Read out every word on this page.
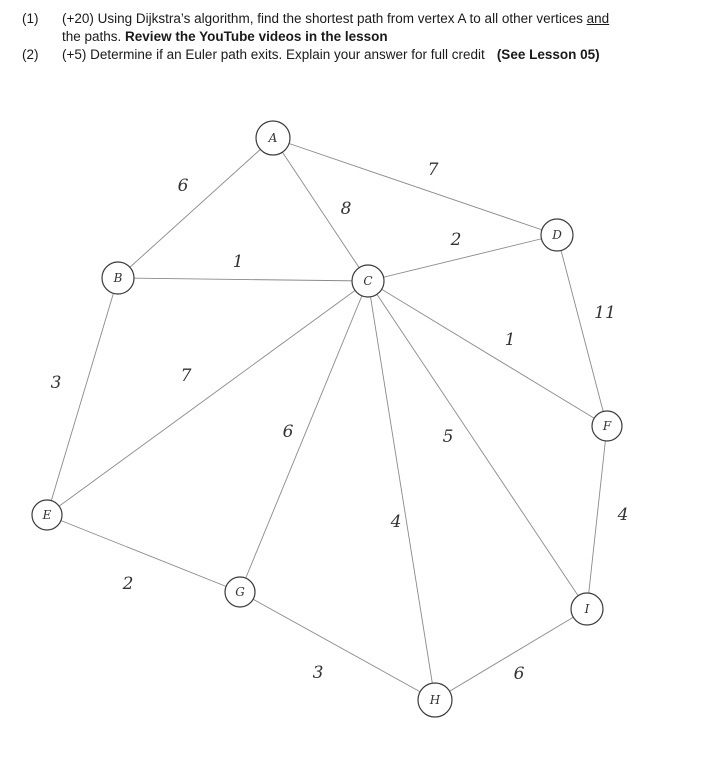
(1)	(+20) Using Dijkstra’s algorithm, find the shortest path from vertex A to all other vertices and
the paths. Review the YouTube videos in the lesson
(2)	(+5) Determine if an Euler path exits. Explain your answer for full credit (See Lesson 05)
6
8
7
1
3
2
7
1
6
4
5
11
2
4
3	6
A
B	C
D
E
F
G
H
I
